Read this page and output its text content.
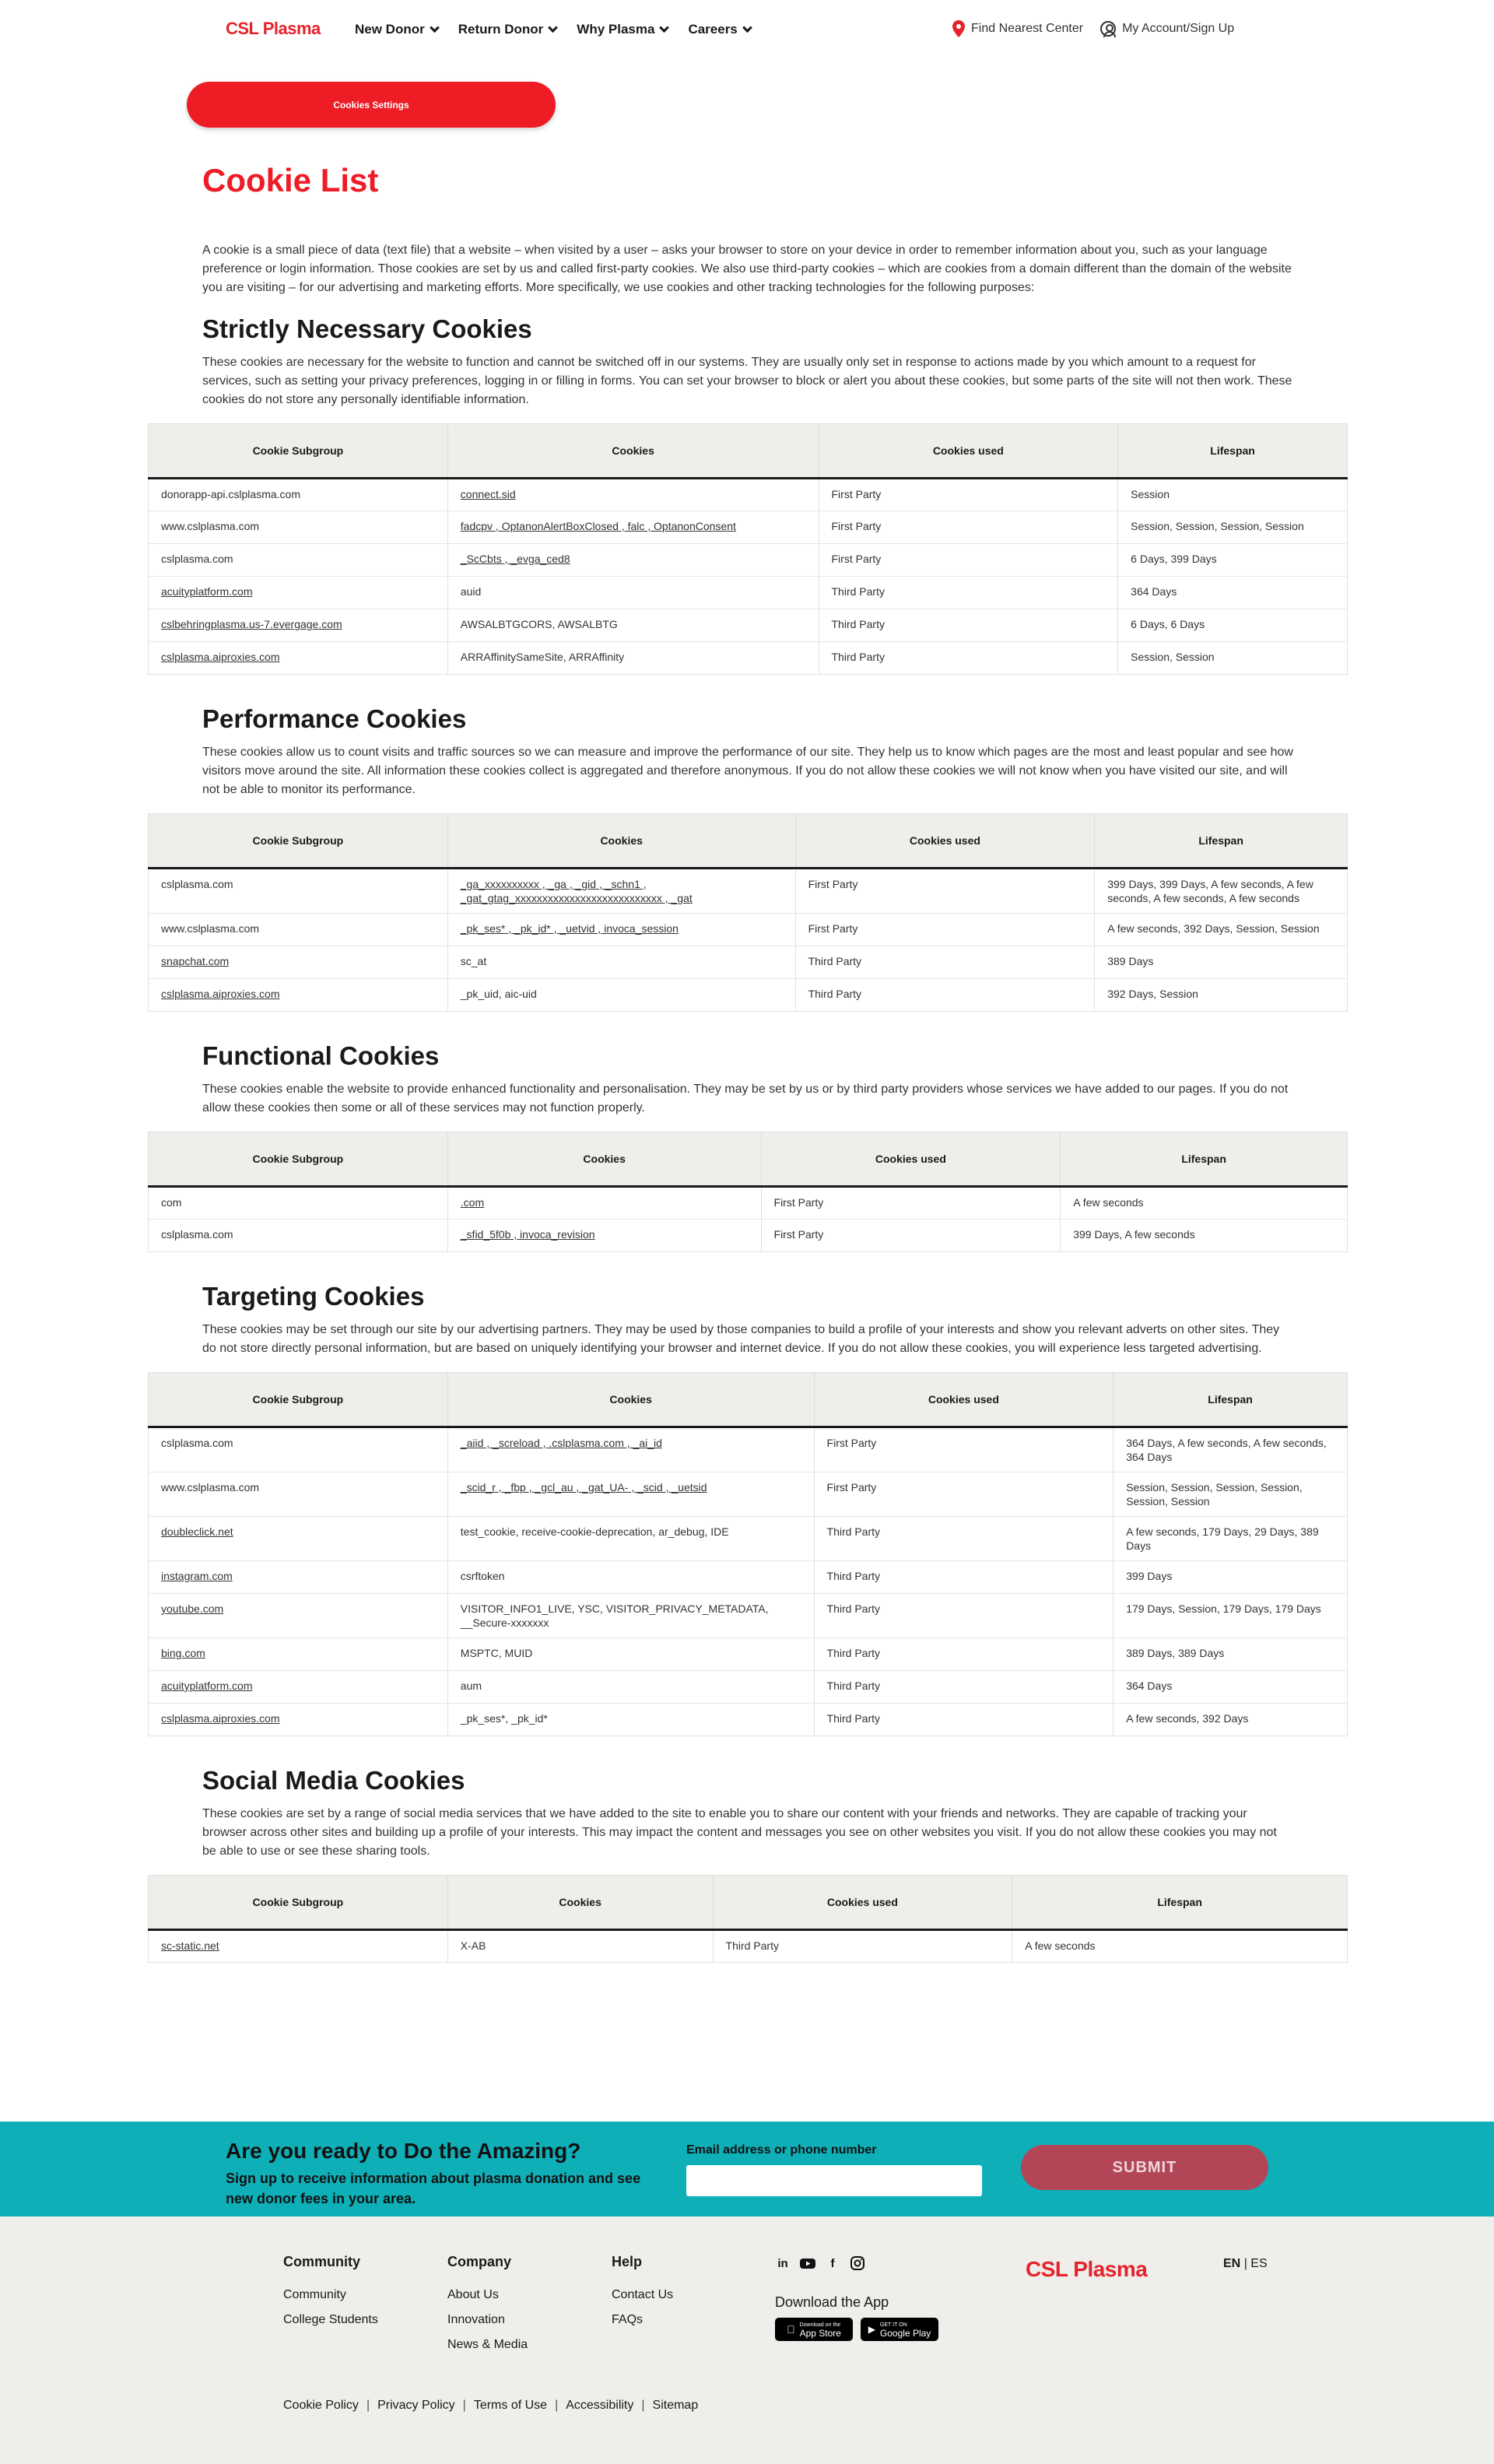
CSL Plasma	New Donor	Return Donor	Why Plasma	Careers	Find Nearest Center	My Account/Sign Up
Cookies Settings
Cookie List

A cookie is a small piece of data (text file) that a website – when visited by a user – asks your browser to store on your device in order to remember information about you, such as your language preference or login information. Those cookies are set by us and called first-party cookies. We also use third-party cookies – which are cookies from a domain different than the domain of the website you are visiting – for our advertising and marketing efforts. More specifically, we use cookies and other tracking technologies for the following purposes:

Strictly Necessary Cookies

These cookies are necessary for the website to function and cannot be switched off in our systems. They are usually only set in response to actions made by you which amount to a request for services, such as setting your privacy preferences, logging in or filling in forms. You can set your browser to block or alert you about these cookies, but some parts of the site will not then work. These cookies do not store any personally identifiable information.

Cookie Subgroup	Cookies	Cookies used	Lifespan
donorapp-api.cslplasma.com	connect.sid	First Party	Session
www.cslplasma.com	fadcpv , OptanonAlertBoxClosed , falc , OptanonConsent	First Party	Session, Session, Session, Session
cslplasma.com	_ScCbts , _evga_ced8	First Party	6 Days, 399 Days
acuityplatform.com	auid	Third Party	364 Days
cslbehringplasma.us-7.evergage.com	AWSALBTGCORS, AWSALBTG	Third Party	6 Days, 6 Days
cslplasma.aiproxies.com	ARRAffinitySameSite, ARRAffinity	Third Party	Session, Session
Performance Cookies

These cookies allow us to count visits and traffic sources so we can measure and improve the performance of our site. They help us to know which pages are the most and least popular and see how visitors move around the site. All information these cookies collect is aggregated and therefore anonymous. If you do not allow these cookies we will not know when you have visited our site, and will not be able to monitor its performance.

Cookie Subgroup	Cookies	Cookies used	Lifespan
cslplasma.com	_ga_xxxxxxxxxx , _ga , _gid , _schn1 , _gat_gtag_xxxxxxxxxxxxxxxxxxxxxxxxxxx , _gat	First Party	399 Days, 399 Days, A few seconds, A few seconds, A few seconds, A few seconds
www.cslplasma.com	_pk_ses* , _pk_id* , _uetvid , invoca_session	First Party	A few seconds, 392 Days, Session, Session
snapchat.com	sc_at	Third Party	389 Days
cslplasma.aiproxies.com	_pk_uid, aic-uid	Third Party	392 Days, Session
Functional Cookies

These cookies enable the website to provide enhanced functionality and personalisation. They may be set by us or by third party providers whose services we have added to our pages. If you do not allow these cookies then some or all of these services may not function properly.

Cookie Subgroup	Cookies	Cookies used	Lifespan
com	.com	First Party	A few seconds
cslplasma.com	_sfid_5f0b , invoca_revision	First Party	399 Days, A few seconds
Targeting Cookies

These cookies may be set through our site by our advertising partners. They may be used by those companies to build a profile of your interests and show you relevant adverts on other sites. They do not store directly personal information, but are based on uniquely identifying your browser and internet device. If you do not allow these cookies, you will experience less targeted advertising.

Cookie Subgroup	Cookies	Cookies used	Lifespan
cslplasma.com	_aiid , _screload , .cslplasma.com , _ai_id	First Party	364 Days, A few seconds, A few seconds, 364 Days
www.cslplasma.com	_scid_r , _fbp , _gcl_au , _gat_UA- , _scid , _uetsid	First Party	Session, Session, Session, Session, Session, Session
doubleclick.net	test_cookie, receive-cookie-deprecation, ar_debug, IDE	Third Party	A few seconds, 179 Days, 29 Days, 389 Days
instagram.com	csrftoken	Third Party	399 Days
youtube.com	VISITOR_INFO1_LIVE, YSC, VISITOR_PRIVACY_METADATA, __Secure-xxxxxxx	Third Party	179 Days, Session, 179 Days, 179 Days
bing.com	MSPTC, MUID	Third Party	389 Days, 389 Days
acuityplatform.com	aum	Third Party	364 Days
cslplasma.aiproxies.com	_pk_ses*, _pk_id*	Third Party	A few seconds, 392 Days
Social Media Cookies

These cookies are set by a range of social media services that we have added to the site to enable you to share our content with your friends and networks. They are capable of tracking your browser across other sites and building up a profile of your interests. This may impact the content and messages you see on other websites you visit. If you do not allow these cookies you may not be able to use or see these sharing tools.

Cookie Subgroup	Cookies	Cookies used	Lifespan
sc-static.net	X-AB	Third Party	A few seconds
Are you ready to Do the Amazing?

Sign up to receive information about plasma donation and see new donor fees in your area.

Email address or phone number
SUBMIT
Community
Community
College Students
Company
About Us
Innovation
News & Media
Help
Contact Us
FAQs
in	f
Download the App
Download on the
App Store	▶ GET IT ON
Google Play
CSL Plasma	EN | ES
Cookie Policy | Privacy Policy | Terms of Use | Accessibility | Sitemap
